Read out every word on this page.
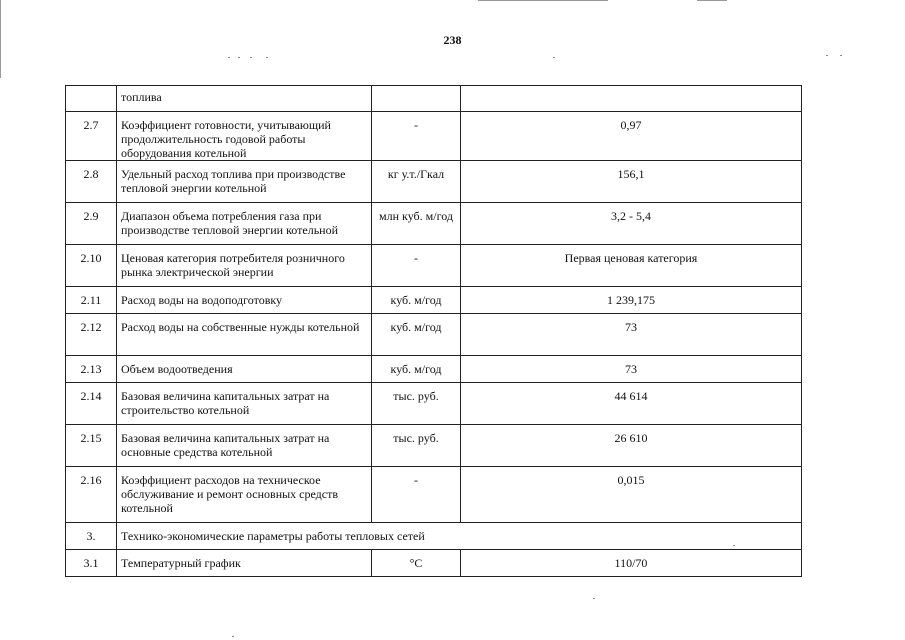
238
	топлива		
2.7	Коэффициент готовности, учитывающий продолжительность годовой работы оборудования котельной	-	0,97
2.8	Удельный расход топлива при производстве тепловой энергии котельной	кг у.т./Гкал	156,1
2.9	Диапазон объема потребления газа при производстве тепловой энергии котельной	млн куб. м/год	3,2 - 5,4
2.10	Ценовая категория потребителя розничного рынка электрической энергии	-	Первая ценовая категория
2.11	Расход воды на водоподготовку	куб. м/год	1 239,175
2.12	Расход воды на собственные нужды котельной	куб. м/год	73
2.13	Объем водоотведения	куб. м/год	73
2.14	Базовая величина капитальных затрат на строительство котельной	тыс. руб.	44 614
2.15	Базовая величина капитальных затрат на основные средства котельной	тыс. руб.	26 610
2.16	Коэффициент расходов на техническое обслуживание и ремонт основных средств котельной	-	0,015
3.	Технико-экономические параметры работы тепловых сетей		
3.1	Температурный график	°C	110/70
